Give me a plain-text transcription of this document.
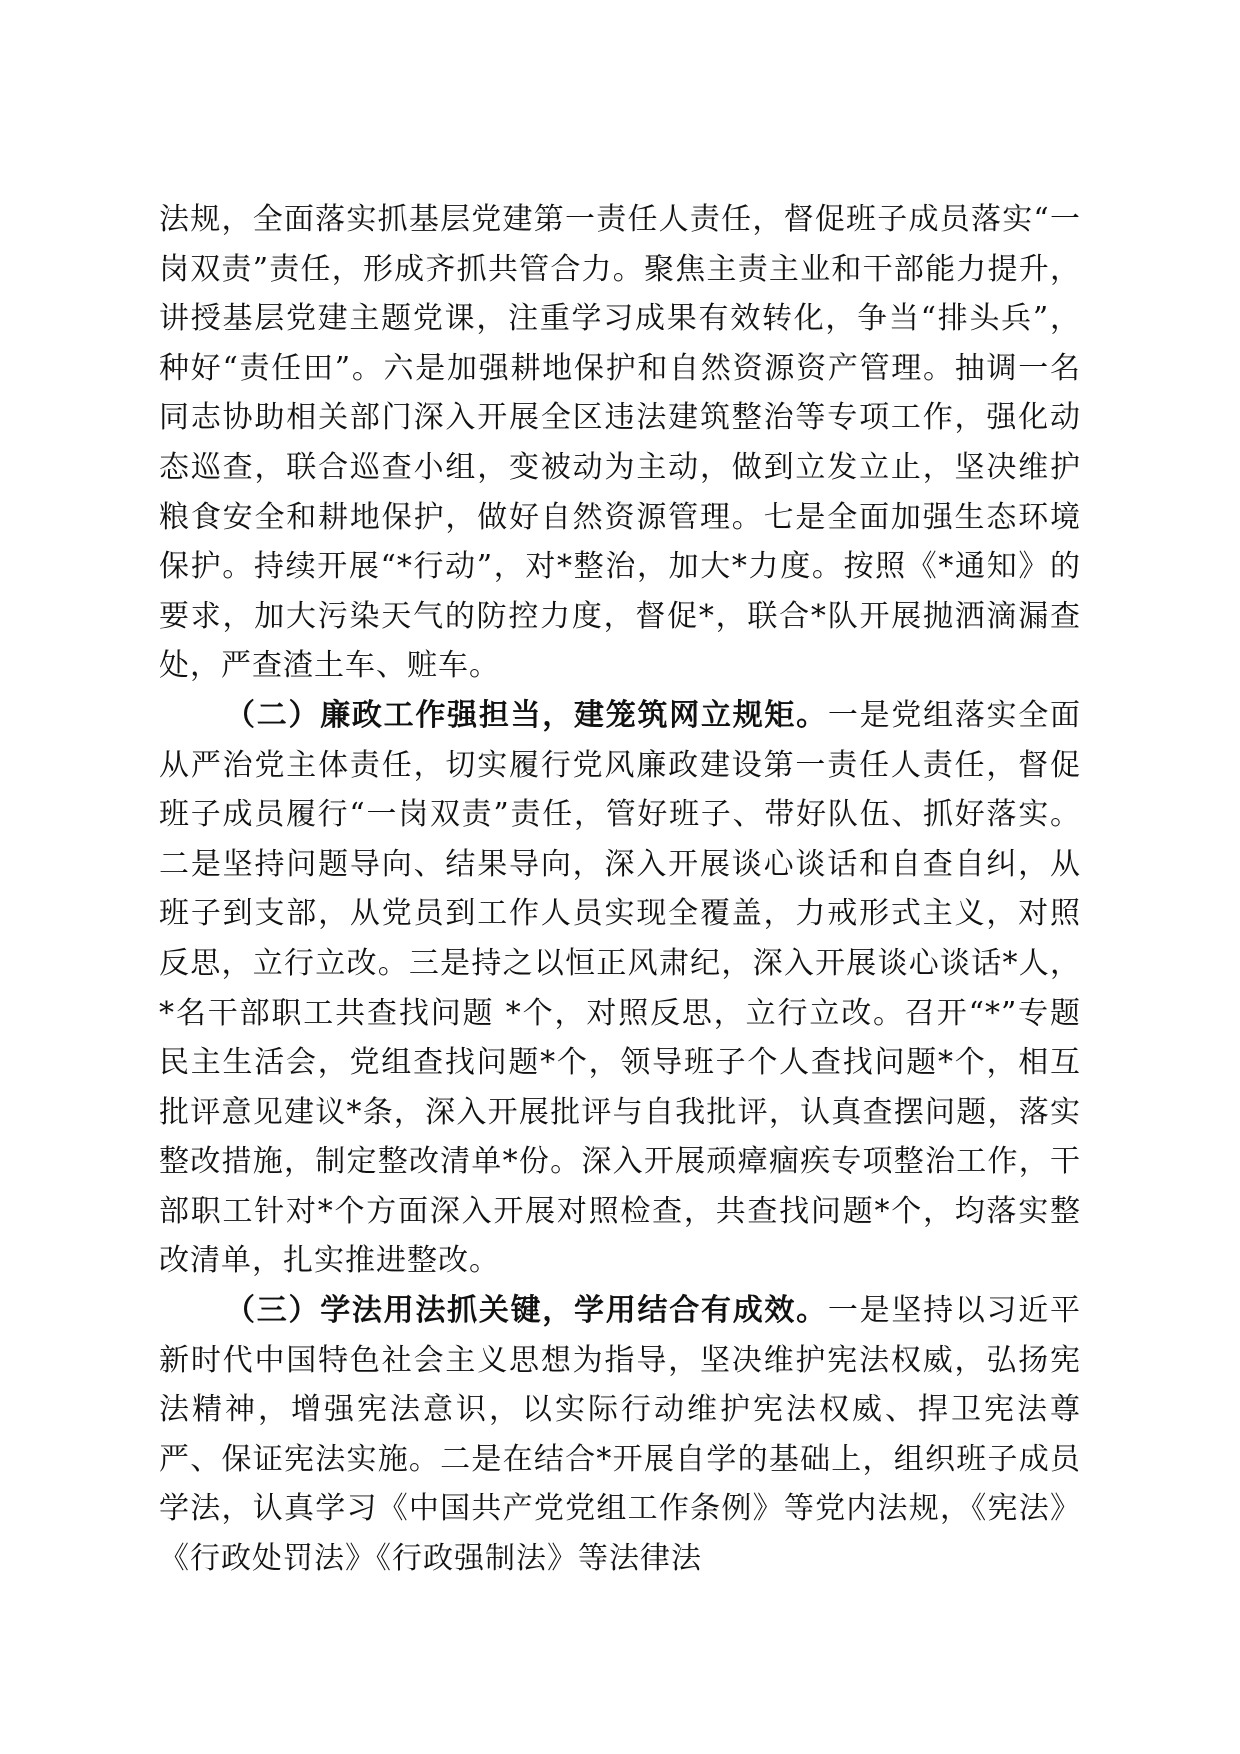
法规，全面落实抓基层党建第一责任人责任，督促班子成员落实“一岗双责”责任，形成齐抓共管合力。聚焦主责主业和干部能力提升，讲授基层党建主题党课，注重学习成果有效转化，争当“排头兵”，种好“责任田”。六是加强耕地保护和自然资源资产管理。抽调一名同志协助相关部门深入开展全区违法建筑整治等专项工作，强化动态巡查，联合巡查小组，变被动为主动，做到立发立止，坚决维护粮食安全和耕地保护，做好自然资源管理。七是全面加强生态环境保护。持续开展“*行动”，对*整治，加大*力度。按照《*通知》的要求，加大污染天气的防控力度，督促*，联合*队开展抛洒滴漏查处，严查渣土车、赃车。

（二）廉政工作强担当，建笼筑网立规矩。一是党组落实全面从严治党主体责任，切实履行党风廉政建设第一责任人责任，督促班子成员履行“一岗双责”责任，管好班子、带好队伍、抓好落实。二是坚持问题导向、结果导向，深入开展谈心谈话和自查自纠，从班子到支部，从党员到工作人员实现全覆盖，力戒形式主义，对照反思，立行立改。三是持之以恒正风肃纪，深入开展谈心谈话*人，*名干部职工共查找问题 *个，对照反思，立行立改。召开“*”专题民主生活会，党组查找问题*个，领导班子个人查找问题*个，相互批评意见建议*条，深入开展批评与自我批评，认真查摆问题，落实整改措施，制定整改清单*份。深入开展顽瘴痼疾专项整治工作，干部职工针对*个方面深入开展对照检查，共查找问题*个，均落实整改清单，扎实推进整改。

（三）学法用法抓关键，学用结合有成效。一是坚持以习近平新时代中国特色社会主义思想为指导，坚决维护宪法权威，弘扬宪法精神，增强宪法意识，以实际行动维护宪法权威、捍卫宪法尊严、保证宪法实施。二是在结合*开展自学的基础上，组织班子成员学法，认真学习《中国共产党党组工作条例》等党内法规，《宪法》《行政处罚法》《行政强制法》等法律法
